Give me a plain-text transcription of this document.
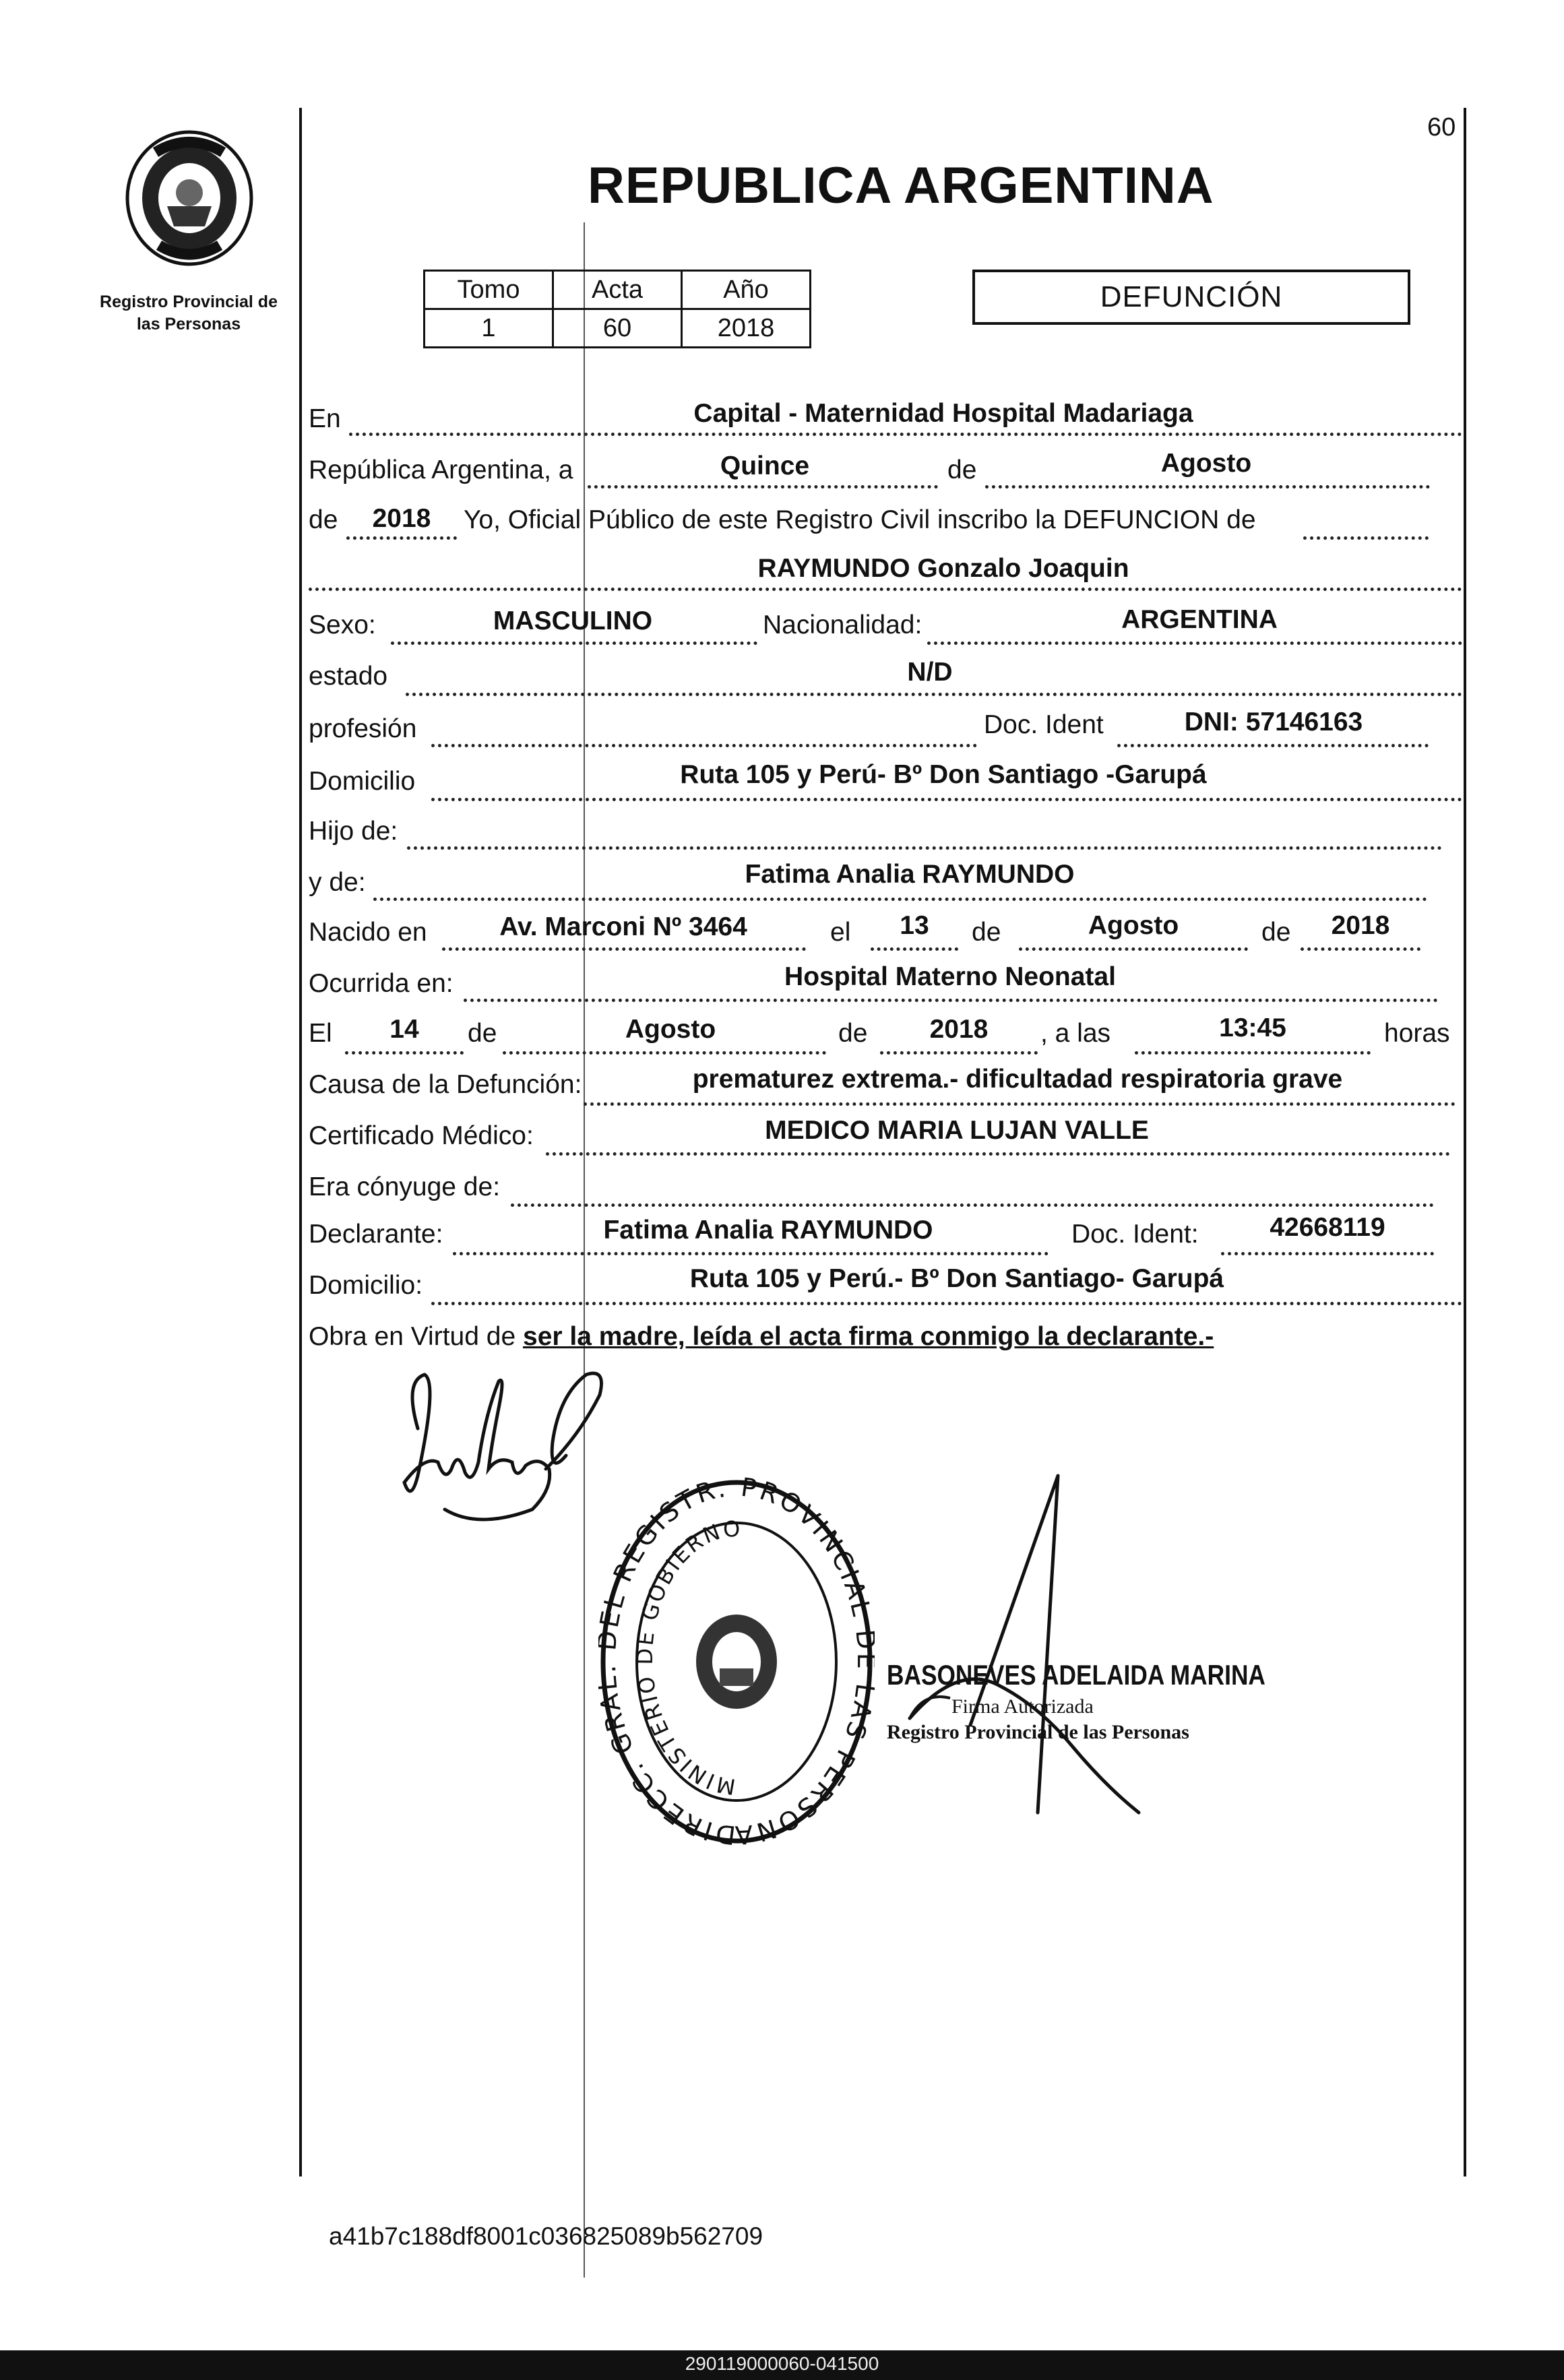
60
Registro Provincial de
las Personas
REPUBLICA ARGENTINA
Tomo	Acta	Año
1	60	2018
DEFUNCIÓN
En	Capital - Maternidad Hospital Madariaga
República Argentina, a	Quince	de	Agosto
de	2018	Yo, Oficial Público de este Registro Civil inscribo la DEFUNCION de
RAYMUNDO Gonzalo Joaquin
Sexo:	MASCULINO	Nacionalidad:	ARGENTINA
estado	N/D
profesión	Doc. Ident	DNI: 57146163
Domicilio	Ruta 105 y Perú- Bº Don Santiago -Garupá
Hijo de:
y de:	Fatima Analia RAYMUNDO
Nacido en	Av. Marconi Nº 3464	el	13	de	Agosto	de	2018
Ocurrida en:	Hospital Materno Neonatal
El	14	de	Agosto	de	2018	, a las	13:45	horas
Causa de la Defunción:	prematurez extrema.- dificultadad respiratoria grave
Certificado Médico:	MEDICO MARIA LUJAN VALLE
Era cónyuge de:
Declarante:	Fatima Analia RAYMUNDO	Doc. Ident:	42668119
Domicilio:	Ruta 105 y Perú.- Bº Don Santiago- Garupá
Obra en Virtud de ser la madre, leída el acta firma conmigo la declarante.-
DIRECC. GR L REGISTR. PROVINCIAL AS PERSONA
MINISTERIO DE GOBIERNO
BASONEVES ADELAIDA MARINA
Firma Autorizada
Registro Provincial de las Personas
a41b7c188df8001c036825089b562709
290119000060-041500
